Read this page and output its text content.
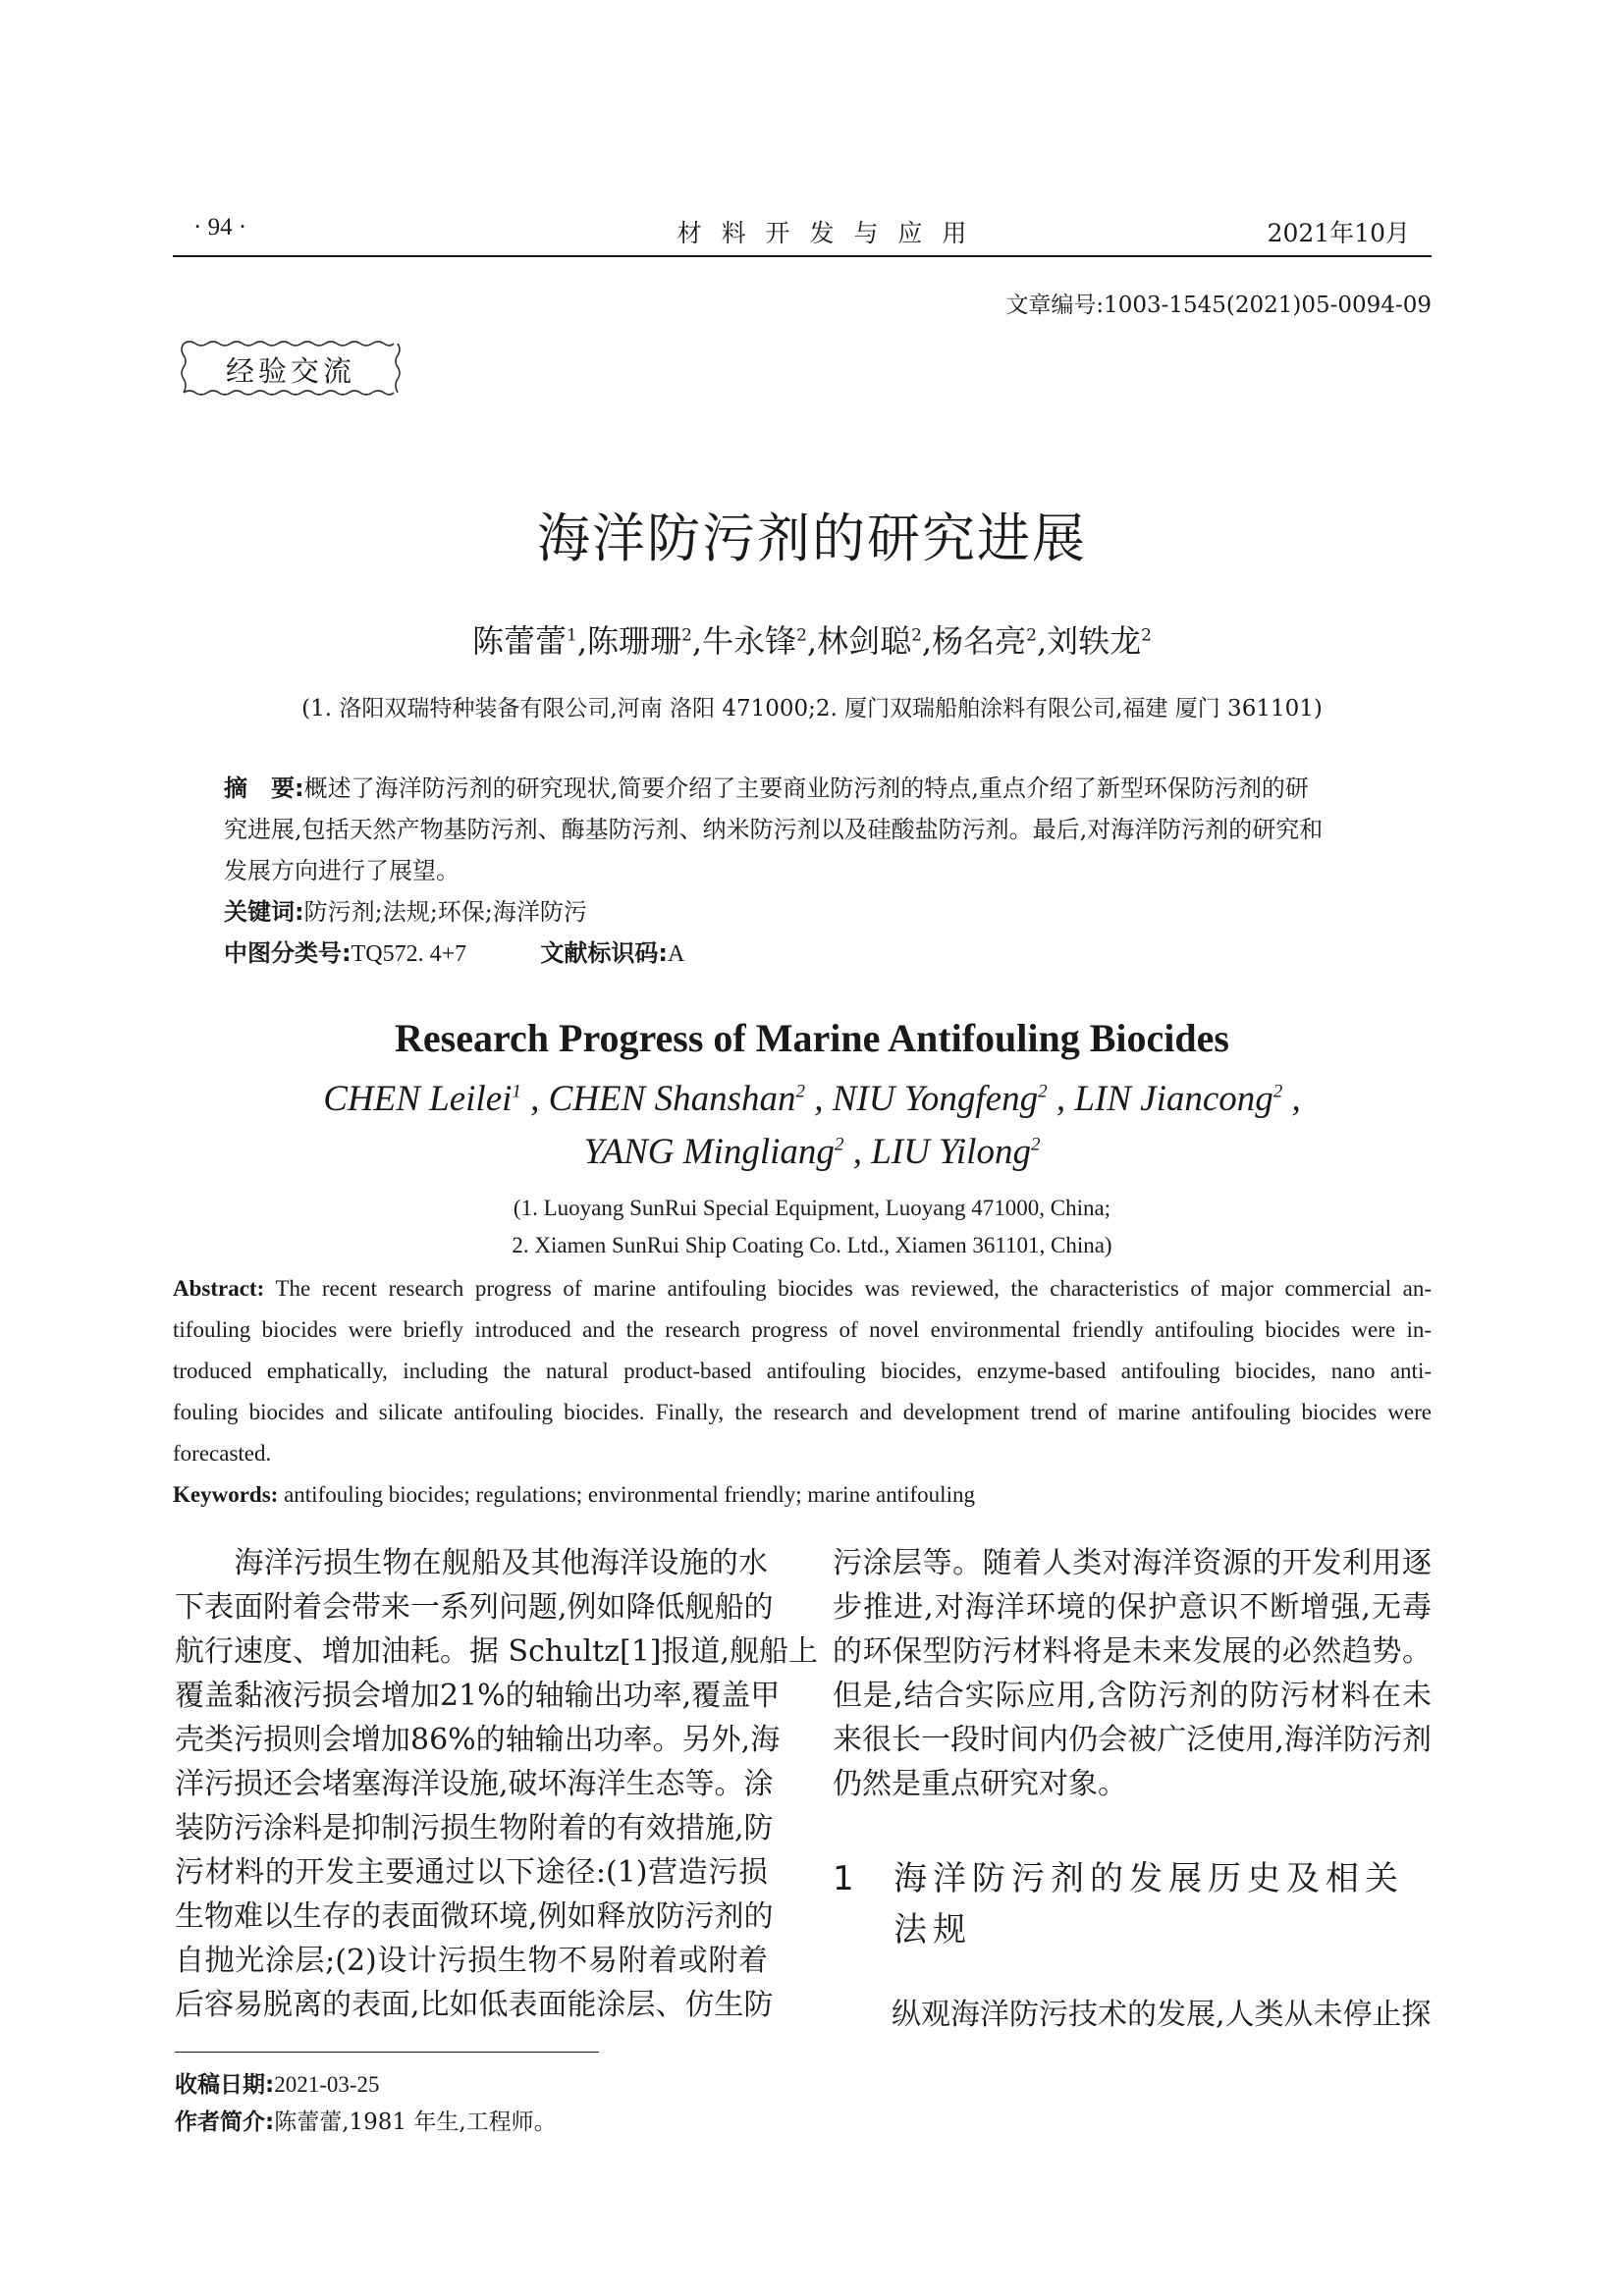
· 94 ·	材 料 开 发 与 应 用	2021年10月
文章编号:1003-1545(2021)05-0094-09
经验交流
海洋防污剂的研究进展
陈蕾蕾$^1$,陈珊珊$^2$,牛永锋$^2$,林剑聪$^2$,杨名亮$^2$,刘轶龙$^2$
(1. 洛阳双瑞特种装备有限公司,河南 洛阳 471000;2. 厦门双瑞船舶涂料有限公司,福建 厦门 361101)
摘　要:概述了海洋防污剂的研究现状,简要介绍了主要商业防污剂的特点,重点介绍了新型环保防污剂的研
究进展,包括天然产物基防污剂、酶基防污剂、纳米防污剂以及硅酸盐防污剂。最后,对海洋防污剂的研究和
发展方向进行了展望。
关键词:防污剂;法规;环保;海洋防污
中图分类号:TQ572. 4+7	文献标识码:A
Research Progress of Marine Antifouling Biocides
CHEN Leilei$^1$ , CHEN Shanshan$^2$ , NIU Yongfeng$^2$ , LIN Jiancong$^2$ ,
YANG Mingliang$^2$ , LIU Yilong$^2$
(1. Luoyang SunRui Special Equipment, Luoyang 471000, China;
2. Xiamen SunRui Ship Coating Co. Ltd., Xiamen 361101, China)
Abstract: The recent research progress of marine antifouling biocides was reviewed, the characteristics of major commercial an-
tifouling biocides were briefly introduced and the research progress of novel environmental friendly antifouling biocides were in-
troduced emphatically, including the natural product-based antifouling biocides, enzyme-based antifouling biocides, nano anti-
fouling biocides and silicate antifouling biocides. Finally, the research and development trend of marine antifouling biocides were
forecasted.
Keywords: antifouling biocides; regulations; environmental friendly; marine antifouling
　　海洋污损生物在舰船及其他海洋设施的水
下表面附着会带来一系列问题,例如降低舰船的
航行速度、增加油耗。据 Schultz[1]报道,舰船上
覆盖黏液污损会增加21%的轴输出功率,覆盖甲
壳类污损则会增加86%的轴输出功率。另外,海
洋污损还会堵塞海洋设施,破坏海洋生态等。涂
装防污涂料是抑制污损生物附着的有效措施,防
污材料的开发主要通过以下途径:(1)营造污损
生物难以生存的表面微环境,例如释放防污剂的
自抛光涂层;(2)设计污损生物不易附着或附着
后容易脱离的表面,比如低表面能涂层、仿生防
污涂层等。随着人类对海洋资源的开发利用逐
步推进,对海洋环境的保护意识不断增强,无毒
的环保型防污材料将是未来发展的必然趋势。
但是,结合实际应用,含防污剂的防污材料在未
来很长一段时间内仍会被广泛使用,海洋防污剂
仍然是重点研究对象。
1 海洋防污剂的发展历史及相关
法规
　　纵观海洋防污技术的发展,人类从未停止探
收稿日期:2021-03-25
作者简介:陈蕾蕾,1981 年生,工程师。
